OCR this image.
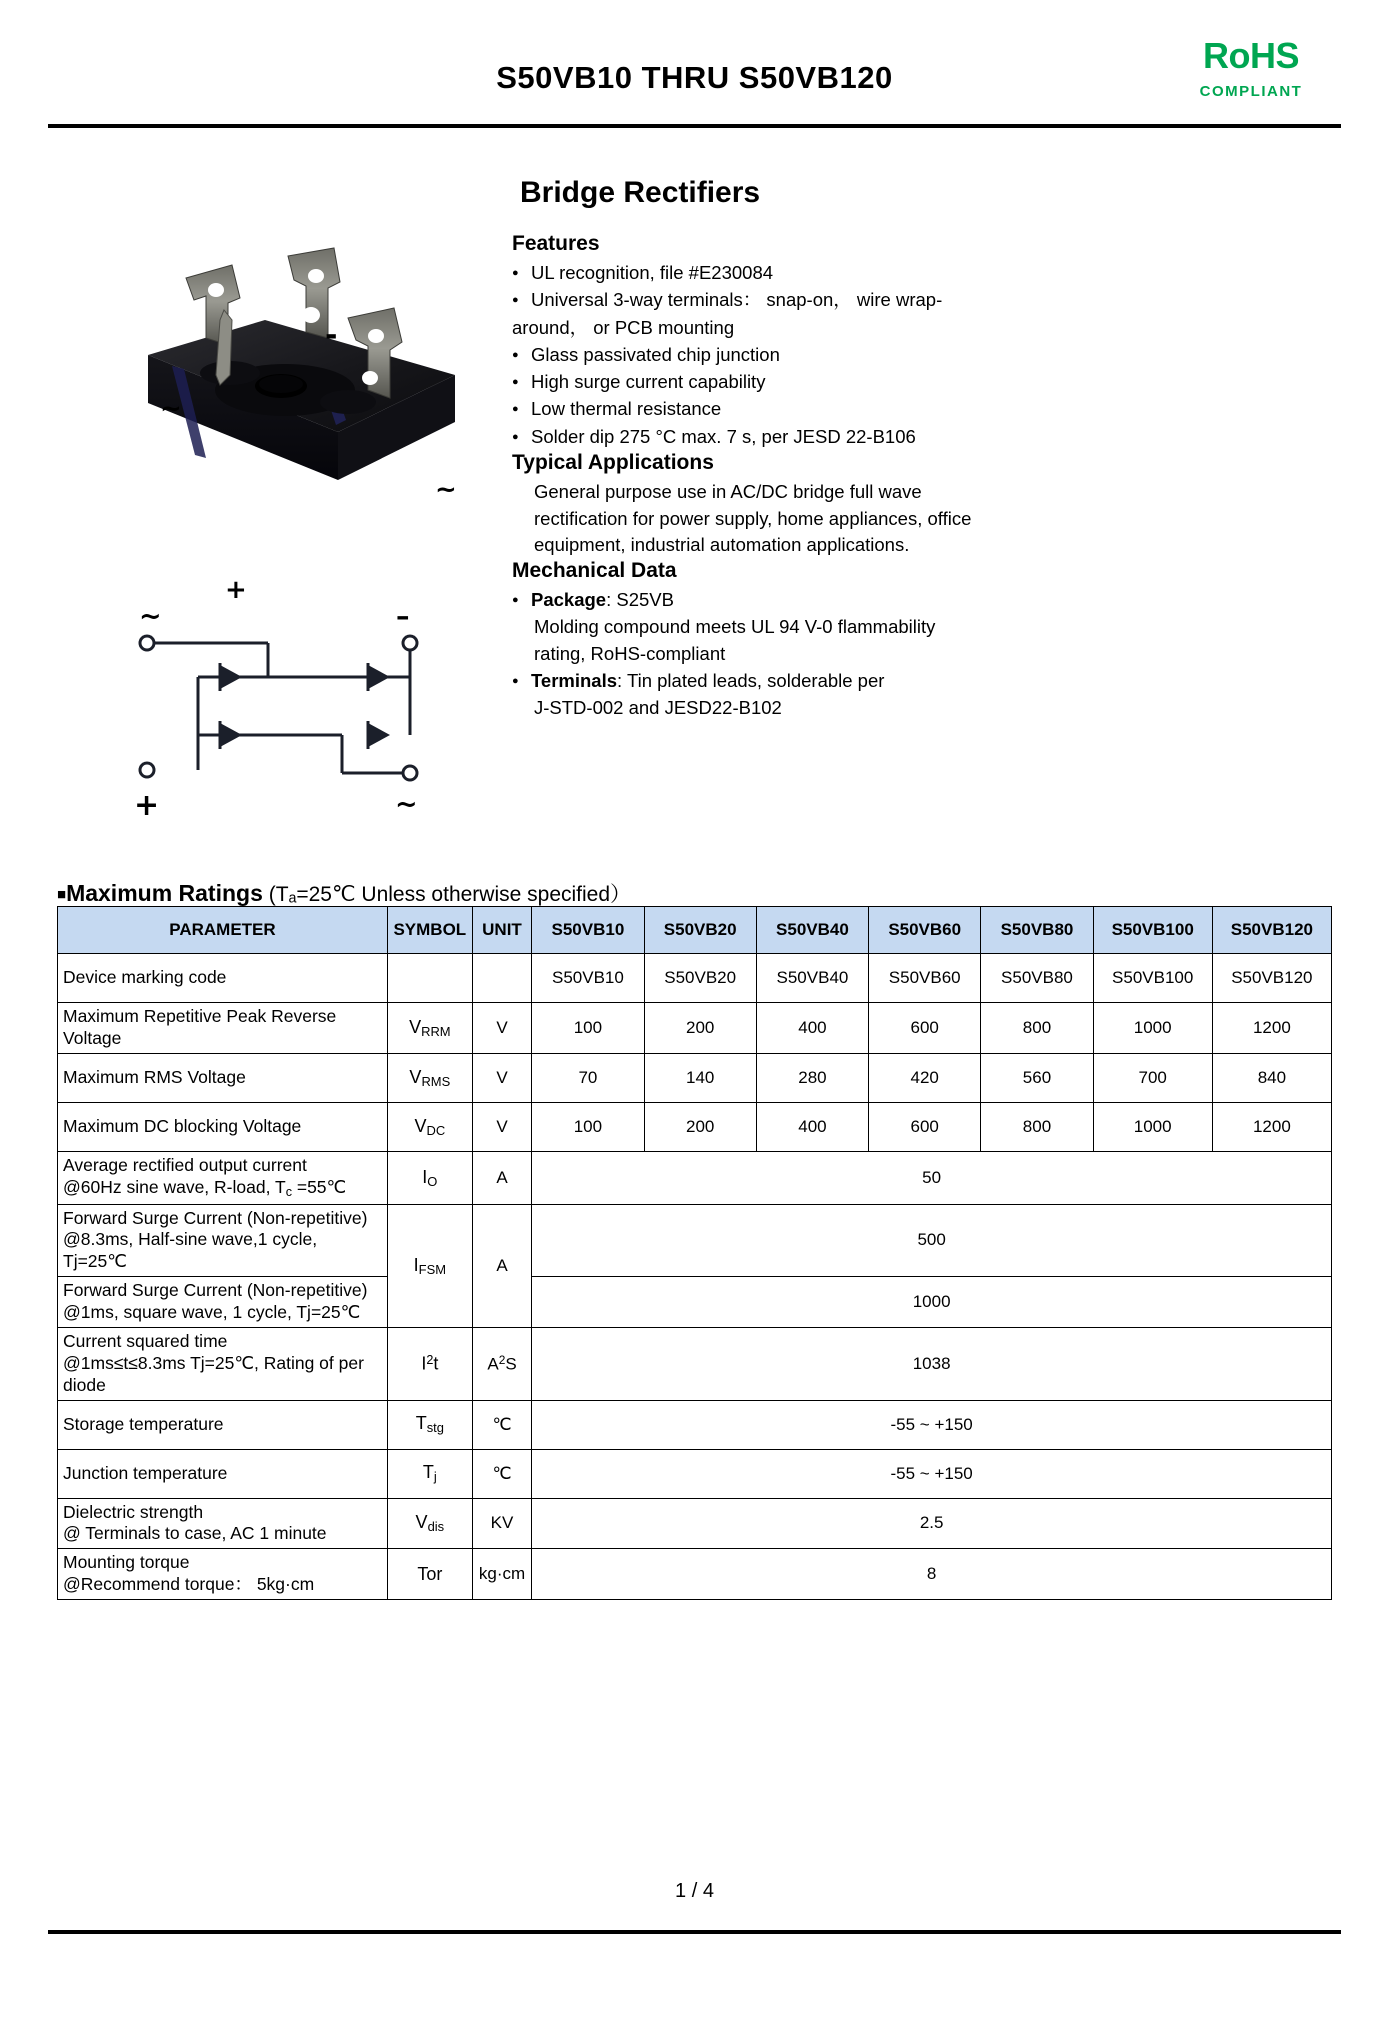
RoHS
COMPLIANT
S50VB10 THRU S50VB120
-
~
~
+
~	–
+	~
Bridge Rectifiers
Features
● UL recognition, file #E230084
● Universal 3-way terminals： snap-on， wire wrap-
around， or PCB mounting
● Glass passivated chip junction
● High surge current capability
● Low thermal resistance
● Solder dip 275 °C max. 7 s, per JESD 22-B106
Typical Applications

General purpose use in AC/DC bridge full wave rectification for power supply, home appliances, office equipment, industrial automation applications.

Mechanical Data
● Package: S25VB
Molding compound meets UL 94 V-0 flammability
rating, RoHS-compliant
● Terminals: Tin plated leads, solderable per
J-STD-002 and JESD22-B102
■Maximum Ratings (Tₐ=25℃ Unless otherwise specified）
PARAMETER	SYMBOL	UNIT	S50VB10	S50VB20	S50VB40	S50VB60	S50VB80	S50VB100	S50VB120
Device marking code			S50VB10	S50VB20	S50VB40	S50VB60	S50VB80	S50VB100	S50VB120
Maximum Repetitive Peak Reverse Voltage	$V_{RRM}$	V	100	200	400	600	800	1000	1200
Maximum RMS Voltage	$V_{RMS}$	V	70	140	280	420	560	700	840
Maximum DC blocking Voltage	$V_{DC}$	V	100	200	400	600	800	1000	1200
Average rectified output current
@60Hz sine wave, R-load, $T_c$ =55℃	$I_O$	A	50						
Forward Surge Current (Non-repetitive)
@8.3ms, Half-sine wave,1 cycle, Tj=25℃	$I_{FSM}$	A	500						
Forward Surge Current (Non-repetitive)
@1ms, square wave, 1 cycle, Tj=25℃			1000						
Current squared time
@1ms≤t≤8.3ms Tj=25℃, Rating of per
diode	$I^2t$	$A^2S$	1038						
Storage temperature	$T_{stg}$	℃	-55 ~ +150						
Junction temperature	$T_j$	℃	-55 ~ +150						
Dielectric strength
@ Terminals to case, AC 1 minute	$V_{dis}$	KV	2.5						
Mounting torque
@Recommend torque： 5kg·cm	Tor	kg·cm	8						
1 / 4
